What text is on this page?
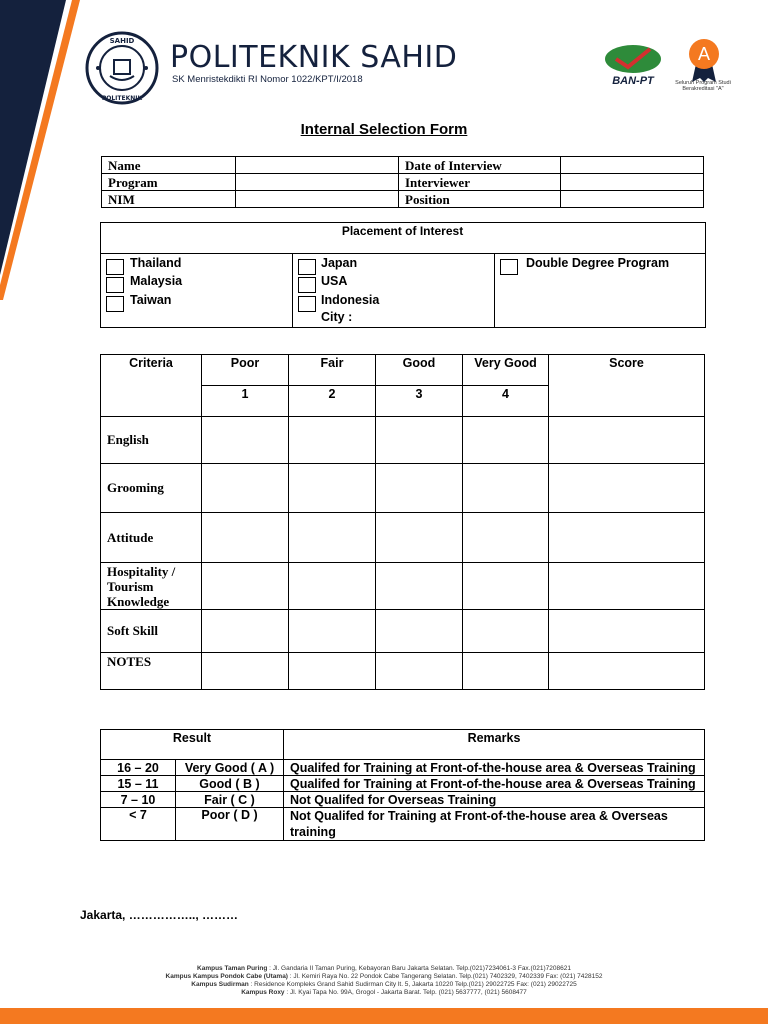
SAHID
POLITEKNIK
POLITEKNIK SAHID
SK Menristekdikti RI Nomor 1022/KPT/I/2018	BAN-PT
A
Seluruh Program Studi Berakreditasi "A"
Internal Selection Form
Name		Date of Interview	
Program		Interviewer	
NIM		Position	
Placement of Interest
Thailand
Malaysia
Taiwan
Japan
USA
Indonesia
City :
Double Degree Program
Criteria	Poor	Fair	Good	Very Good	Score
	1	2	3	4	
English					
Grooming					
Attitude					
Hospitality / Tourism Knowledge					
Soft Skill					
NOTES					
Result		Remarks
16 – 20	Very Good ( A )	Qualifed for Training at Front-of-the-house area & Overseas Training
15 – 11	Good ( B )	Qualifed for Training at Front-of-the-house area & Overseas Training
7 – 10	Fair ( C )	Not Qualifed for Overseas Training
< 7	Poor ( D )	Not Qualifed for Training at Front-of-the-house area & Overseas training
Jakarta, …………….., ………
Kampus Taman Puring : Jl. Gandaria II Taman Puring, Kebayoran Baru Jakarta Selatan. Telp.(021)7234061-3 Fax.(021)7208621
Kampus Kampus Pondok Cabe (Utama) : Jl. Kemiri Raya No. 22 Pondok Cabe Tangerang Selatan. Telp.(021) 7402329, 7402339 Fax: (021) 7428152
Kampus Sudirman : Residence Kompleks Grand Sahid Sudirman City lt. 5, Jakarta 10220 Telp.(021) 29022725 Fax: (021) 29022725
Kampus Roxy : Jl. Kyai Tapa No. 99A, Grogol - Jakarta Barat. Telp. (021) 5637777, (021) 5608477
